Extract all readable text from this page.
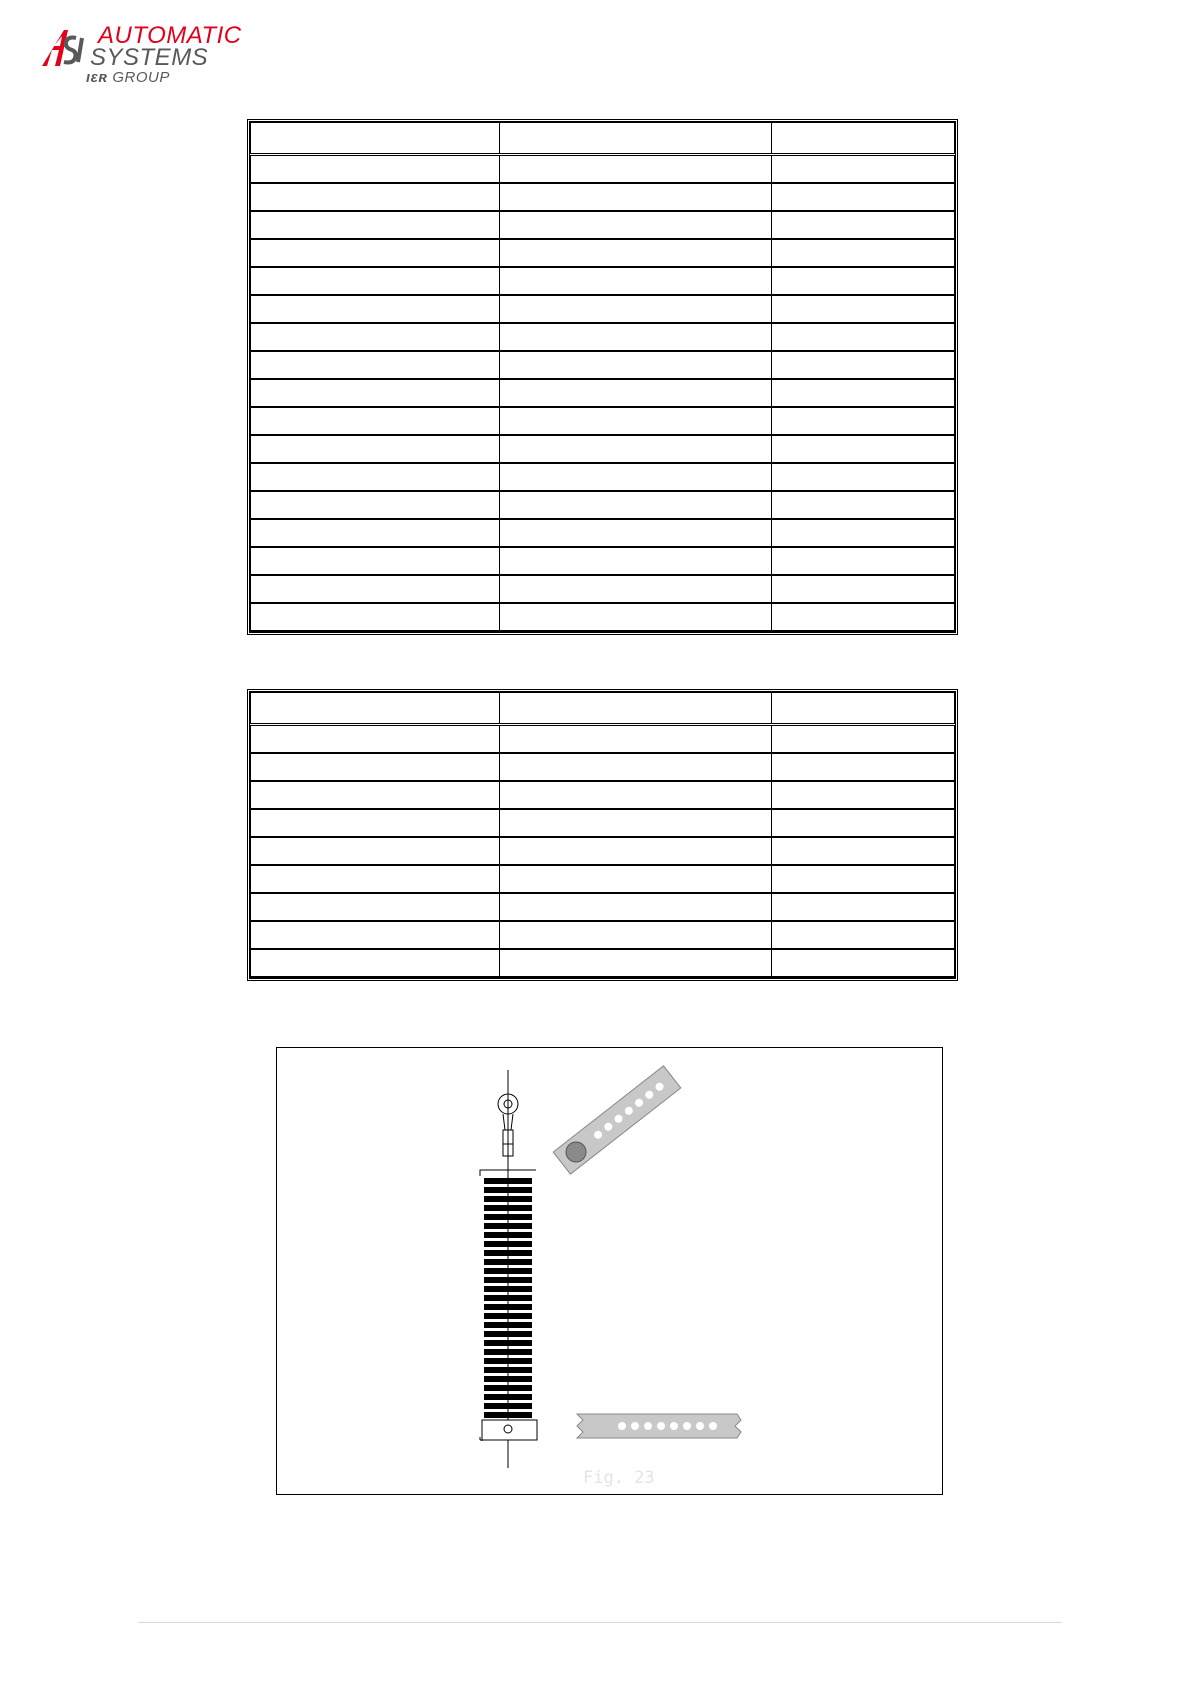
AUTOMATIC
SYSTEMS
ıɛʀ GROUP

Fig. 23
